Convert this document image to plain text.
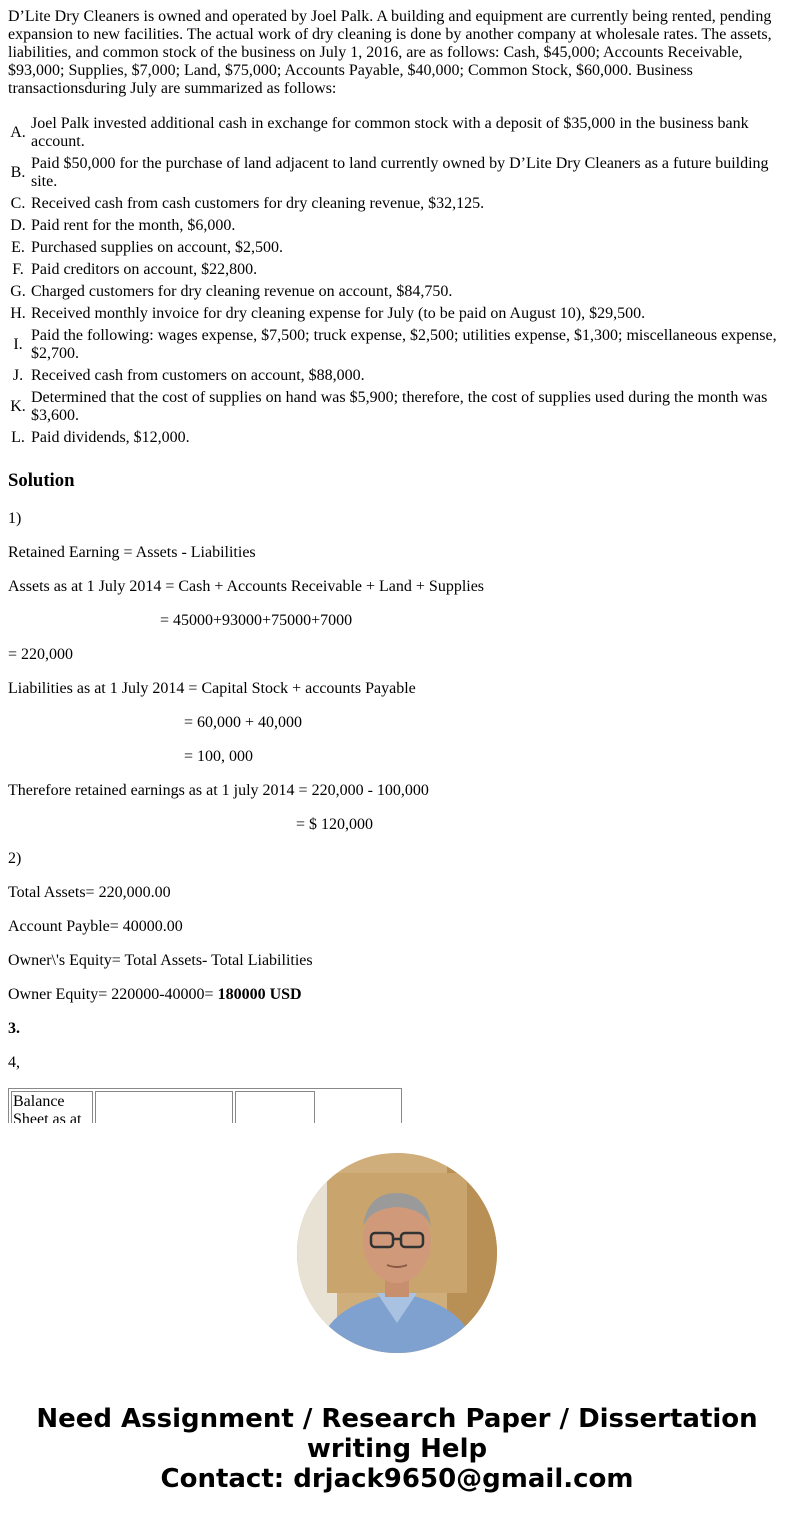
D’Lite Dry Cleaners is owned and operated by Joel Palk. A building and equipment are currently being rented, pending expansion to new facilities. The actual work of dry cleaning is done by another company at wholesale rates. The assets, liabilities, and common stock of the business on July 1, 2016, are as follows: Cash, $45,000; Accounts Receivable, $93,000; Supplies, $7,000; Land, $75,000; Accounts Payable, $40,000; Common Stock, $60,000. Business transactionsduring July are summarized as follows:

A.	Joel Palk invested additional cash in exchange for common stock with a deposit of $35,000 in the business bank account.
B.	Paid $50,000 for the purchase of land adjacent to land currently owned by D’Lite Dry Cleaners as a future building site.
C.	Received cash from cash customers for dry cleaning revenue, $32,125.
D.	Paid rent for the month, $6,000.
E.	Purchased supplies on account, $2,500.
F.	Paid creditors on account, $22,800.
G.	Charged customers for dry cleaning revenue on account, $84,750.
H.	Received monthly invoice for dry cleaning expense for July (to be paid on August 10), $29,500.
I.	Paid the following: wages expense, $7,500; truck expense, $2,500; utilities expense, $1,300; miscellaneous expense, $2,700.
J.	Received cash from customers on account, $88,000.
K.	Determined that the cost of supplies on hand was $5,900; therefore, the cost of supplies used during the month was $3,600.
L.	Paid dividends, $12,000.
Solution

1)

Retained Earning = Assets - Liabilities

Assets as at 1 July 2014 = Cash + Accounts Receivable + Land + Supplies

= 45000+93000+75000+7000

= 220,000

Liabilities as at 1 July 2014 = Capital Stock + accounts Payable

= 60,000 + 40,000

= 100, 000

Therefore retained earnings as at 1 july 2014 = 220,000 - 100,000

= $ 120,000

2)

Total Assets= 220,000.00

Account Payble= 40000.00

Owner\'s Equity= Total Assets- Total Liabilities

Owner Equity= 220000-40000= 180000 USD

3.

4,

Balance Sheet as at			
Need Assignment / Research Paper / Dissertation
writing Help
Contact: drjack9650@gmail.com
